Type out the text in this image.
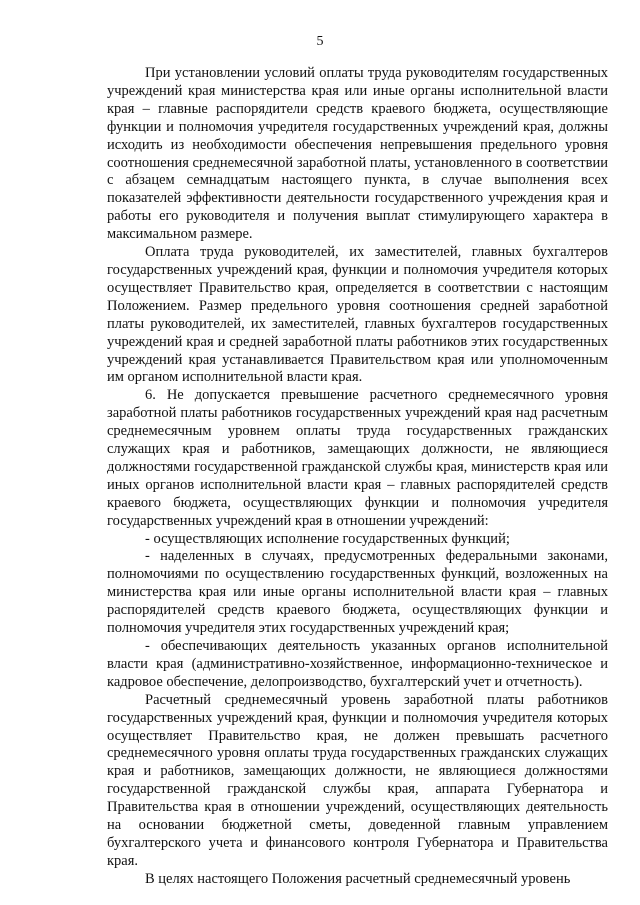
5

При установлении условий оплаты труда руководителям государственных учреждений края министерства края или иные органы исполнительной власти края – главные распорядители средств краевого бюджета, осуществляющие функции и полномочия учредителя государственных учреждений края, должны исходить из необходимости обеспечения непревышения предельного уровня соотношения среднемесячной заработной платы, установленного в соответствии с абзацем семнадцатым настоящего пункта, в случае выполнения всех показателей эффективности деятельности государственного учреждения края и работы его руководителя и получения выплат стимулирующего характера в максимальном размере.

Оплата труда руководителей, их заместителей, главных бухгалтеров государственных учреждений края, функции и полномочия учредителя которых осуществляет Правительство края, определяется в соответствии с настоящим Положением. Размер предельного уровня соотношения средней заработной платы руководителей, их заместителей, главных бухгалтеров государственных учреждений края и средней заработной платы работников этих государственных учреждений края устанавливается Правительством края или уполномоченным им органом исполнительной власти края.

6. Не допускается превышение расчетного среднемесячного уровня заработной платы работников государственных учреждений края над расчетным среднемесячным уровнем оплаты труда государственных гражданских служащих края и работников, замещающих должности, не являющиеся должностями государственной гражданской службы края, министерств края или иных органов исполнительной власти края – главных распорядителей средств краевого бюджета, осуществляющих функции и полномочия учредителя государственных учреждений края в отношении учреждений:

- осуществляющих исполнение государственных функций;

- наделенных в случаях, предусмотренных федеральными законами, полномочиями по осуществлению государственных функций, возложенных на министерства края или иные органы исполнительной власти края – главных распорядителей средств краевого бюджета, осуществляющих функции и полномочия учредителя этих государственных учреждений края;

- обеспечивающих деятельность указанных органов исполнительной власти края (административно-хозяйственное, информационно-техническое и кадровое обеспечение, делопроизводство, бухгалтерский учет и отчетность).

Расчетный среднемесячный уровень заработной платы работников государственных учреждений края, функции и полномочия учредителя которых осуществляет Правительство края, не должен превышать расчетного среднемесячного уровня оплаты труда государственных гражданских служащих края и работников, замещающих должности, не являющиеся должностями государственной гражданской службы края, аппарата Губернатора и Правительства края в отношении учреждений, осуществляющих деятельность на основании бюджетной сметы, доведенной главным управлением бухгалтерского учета и финансового контроля Губернатора и Правительства края.

В целях настоящего Положения расчетный среднемесячный уровень
